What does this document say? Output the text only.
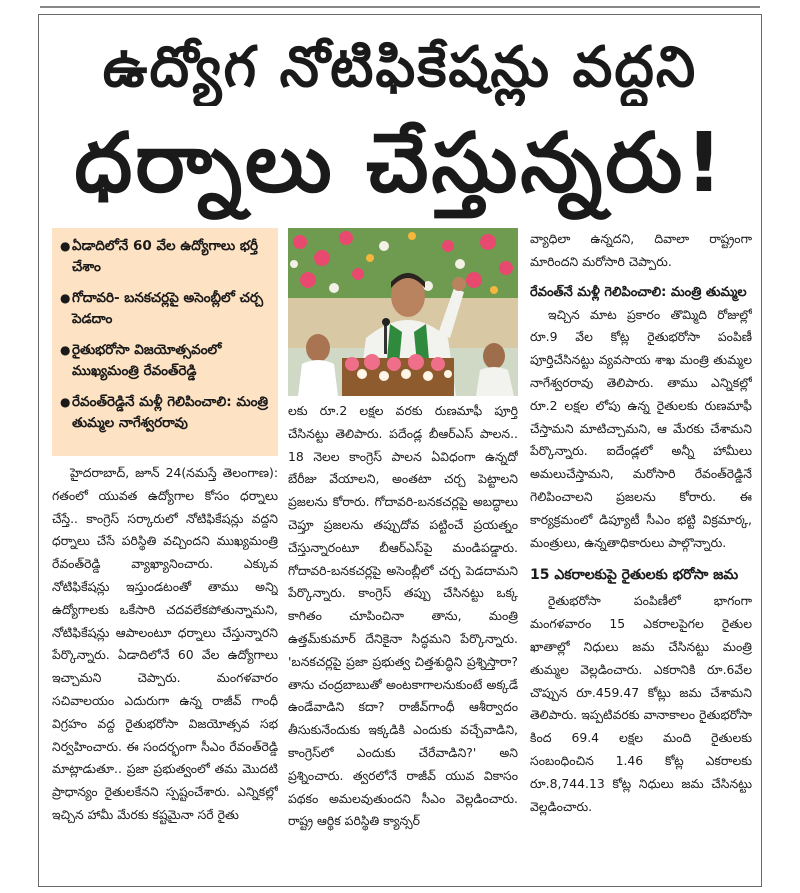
ఉద్యోగ నోటిఫికేషన్లు వద్దని
ధర్నాలు చేస్తున్నరు!
● ఏడాదిలోనే 60 వేల ఉద్యోగాలు భర్తీ చేశాం
● గోదావరి- బనకచర్లపై అసెంబ్లీలో చర్చ పెడదాం
● రైతుభరోసా విజయోత్సవంలో ముఖ్యమంత్రి రేవంత్‌రెడ్డి
● రేవంత్‌రెడ్డినే మళ్లీ గెలిపించాలి: మంత్రి తుమ్మల నాగేశ్వరరావు

హైదరాబాద్, జూన్ 24(నమస్తే తెలంగాణ): గతంలో యువత ఉద్యోగాల కోసం ధర్నాలు చేస్తే.. కాంగ్రెస్ సర్కారులో నోటిఫికేషన్లు వద్దని ధర్నాలు చేసే పరిస్థితి వచ్చిందని ముఖ్యమంత్రి రేవంత్‌రెడ్డి వ్యాఖ్యానించారు. ఎక్కువ నోటిఫికేషన్లు ఇస్తుండటంతో తాము అన్ని ఉద్యోగాలకు ఒకేసారి చదవలేకపోతున్నామని, నోటిఫికేషన్లు ఆపాలంటూ ధర్నాలు చేస్తున్నారని పేర్కొన్నారు. ఏడాదిలోనే 60 వేల ఉద్యోగాలు ఇచ్చామని చెప్పారు. మంగళవారం సచివాలయం ఎదురుగా ఉన్న రాజీవ్ గాంధీ విగ్రహం వద్ద రైతుభరోసా విజయోత్సవ సభ నిర్వహించారు. ఈ సందర్భంగా సీఎం రేవంత్‌రెడ్డి మాట్లాడుతూ.. ప్రజా ప్రభుత్వంలో తమ మొదటి ప్రాధాన్యం రైతులకేనని స్పష్టంచేశారు. ఎన్నికల్లో ఇచ్చిన హామీ మేరకు కష్టమైనా సరే రైతు

లకు రూ.2 లక్షల వరకు రుణమాఫీ పూర్తి చేసినట్టు తెలిపారు. పదేండ్ల బీఆర్‌ఎస్ పాలన.. 18 నెలల కాంగ్రెస్ పాలన ఏవిధంగా ఉన్నదో బేరీజు వేయాలని, అంతటా చర్చ పెట్టాలని ప్రజలను కోరారు. గోదావరి-బనకచర్లపై అబద్ధాలు చెప్తూ ప్రజలను తప్పుదోవ పట్టించే ప్రయత్నం చేస్తున్నారంటూ బీఆర్‌ఎస్‌పై మండిపడ్డారు. గోదావరి-బనకచర్లపై అసెంబ్లీలో చర్చ పెడదామని పేర్కొన్నారు. కాంగ్రెస్ తప్పు చేసినట్టు ఒక్క కాగితం చూపించినా తాను, మంత్రి ఉత్తమ్‌కుమార్ దేనికైనా సిద్ధమని పేర్కొన్నారు. 'బనకచర్లపై ప్రజా ప్రభుత్వ చిత్తశుద్ధిని ప్రశ్నిస్తారా? తాను చంద్రబాబుతో అంటకాగాలనుకుంటే అక్కడే ఉండేవాడిని కదా? రాజీవ్‌గాంధీ ఆశీర్వాదం తీసుకునేందుకు ఇక్కడికి ఎందుకు వచ్చేవాడిని, కాంగ్రెస్‌లో ఎందుకు చేరేవాడిని?' అని ప్రశ్నించారు. త్వరలోనే రాజీవ్ యువ వికాసం పథకం అమలవుతుందని సీఎం వెల్లడించారు. రాష్ట్ర ఆర్థిక పరిస్థితి క్యాన్సర్

వ్యాధిలా ఉన్నదని, దివాలా రాష్ట్రంగా మారిందని మరోసారి చెప్పారు.

రేవంత్‌నే మళ్లీ గెలిపించాలి: మంత్రి తుమ్మల

ఇచ్చిన మాట ప్రకారం తొమ్మిది రోజుల్లో రూ.9 వేల కోట్ల రైతుభరోసా పంపిణీ పూర్తిచేసినట్టు వ్యవసాయ శాఖ మంత్రి తుమ్మల నాగేశ్వరరావు తెలిపారు. తాము ఎన్నికల్లో రూ.2 లక్షల లోపు ఉన్న రైతులకు రుణమాఫీ చేస్తామని మాటిచ్చామని, ఆ మేరకు చేశామని పేర్కొన్నారు. ఐదేండ్లలో అన్నీ హామీలు అమలుచేస్తామని, మరోసారి రేవంత్‌రెడ్డినే గెలిపించాలని ప్రజలను కోరారు. ఈ కార్యక్రమంలో డిప్యూటీ సీఎం భట్టి విక్రమార్క, మంత్రులు, ఉన్నతాధికారులు పాల్గొన్నారు.

15 ఎకరాలకుపై రైతులకు భరోసా జమ

రైతుభరోసా పంపిణీలో భాగంగా మంగళవారం 15 ఎకరాలపైగల రైతుల ఖాతాల్లో నిధులు జమ చేసినట్టు మంత్రి తుమ్మల వెల్లడించారు. ఎకరానికి రూ.6వేల చొప్పున రూ.459.47 కోట్లు జమ చేశామని తెలిపారు. ఇప్పటివరకు వానాకాలం రైతుభరోసా కింద 69.4 లక్షల మంది రైతులకు సంబంధించిన 1.46 కోట్ల ఎకరాలకు రూ.8,744.13 కోట్ల నిధులు జమ చేసినట్టు వెల్లడించారు.
